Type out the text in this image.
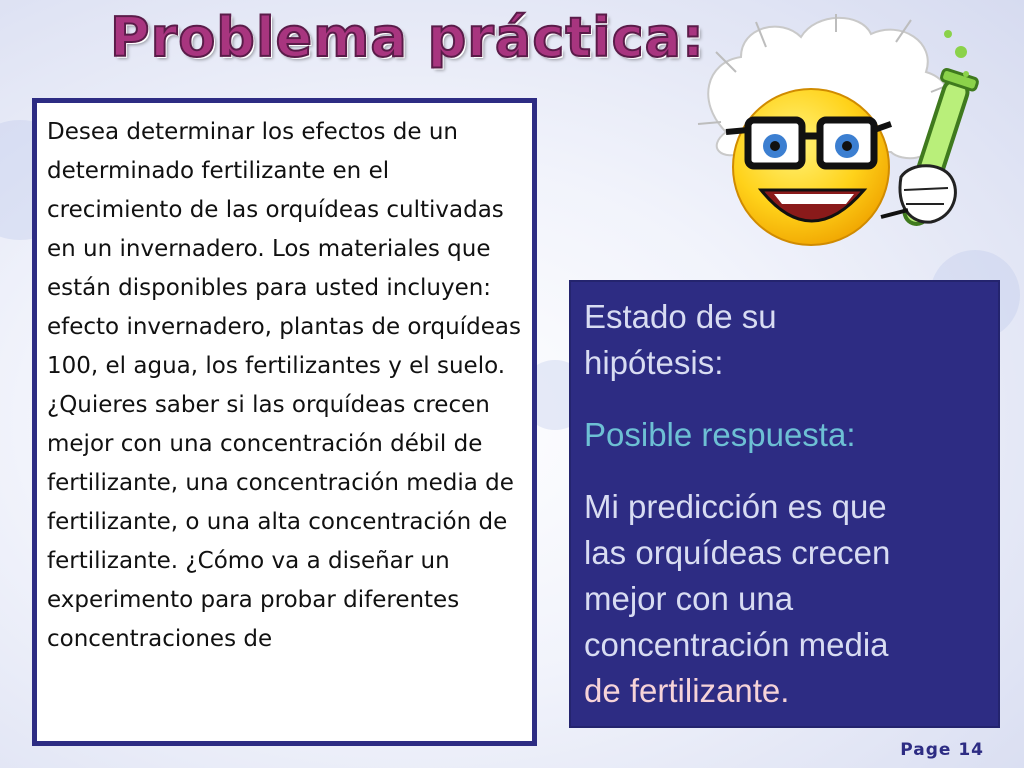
Problema práctica:

Desea determinar los efectos de un determinado fertilizante en el crecimiento de las orquídeas cultivadas en un invernadero. Los materiales que están disponibles para usted incluyen: efecto invernadero, plantas de orquídeas 100, el agua, los fertilizantes y el suelo. ¿Quieres saber si las orquídeas crecen mejor con una concentración débil de fertilizante, una concentración media de fertilizante, o una alta concentración de fertilizante. ¿Cómo va a diseñar un experimento para probar diferentes concentraciones de

Estado de su

hipótesis:

Posible respuesta:

Mi predicción es que

las orquídeas crecen

mejor con una

concentración media

de fertilizante.

Page 14
